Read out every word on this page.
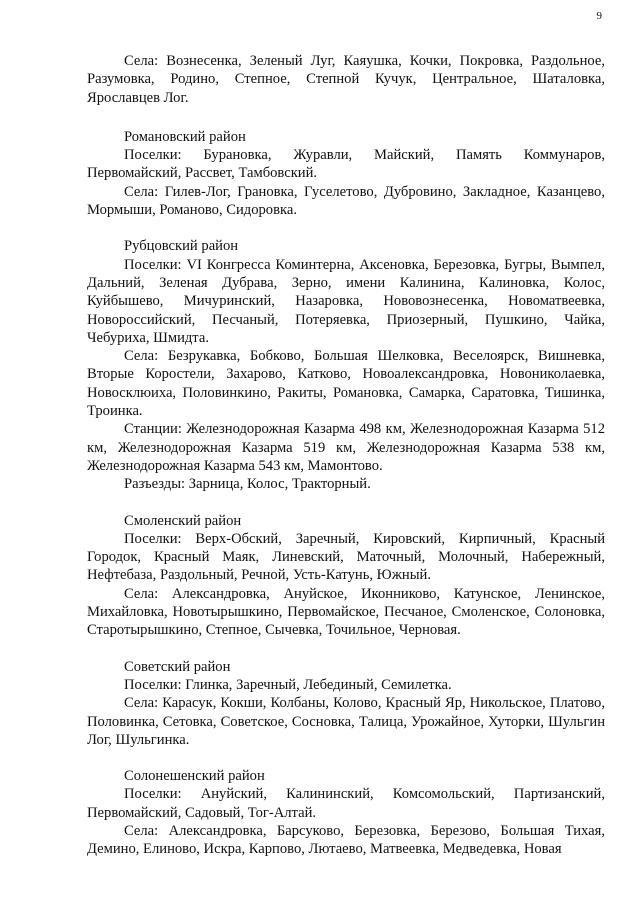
9

Села: Вознесенка, Зеленый Луг, Каяушка, Кочки, Покровка, Раздольное, Разумовка, Родино, Степное, Степной Кучук, Центральное, Шаталовка, Ярославцев Лог.

Романовский район

Поселки: Бурановка, Журавли, Майский, Память Коммунаров, Первомайский, Рассвет, Тамбовский.

Села: Гилев-Лог, Грановка, Гуселетово, Дубровино, Закладное, Казанцево, Мормыши, Романово, Сидоровка.

Рубцовский район

Поселки: VI Конгресса Коминтерна, Аксеновка, Березовка, Бугры, Вымпел, Дальний, Зеленая Дубрава, Зерно, имени Калинина, Калиновка, Колос, Куйбышево, Мичуринский, Назаровка, Нововознесенка, Новоматвеевка, Новороссийский, Песчаный, Потеряевка, Приозерный, Пушкино, Чайка, Чебуриха, Шмидта.

Села: Безрукавка, Бобково, Большая Шелковка, Веселоярск, Вишневка, Вторые Коростели, Захарово, Катково, Новоалександровка, Новониколаевка, Новосклюиха, Половинкино, Ракиты, Романовка, Самарка, Саратовка, Тишинка, Троинка.

Станции: Железнодорожная Казарма 498 км, Железнодорожная Казарма 512 км, Железнодорожная Казарма 519 км, Железнодорожная Казарма 538 км, Железнодорожная Казарма 543 км, Мамонтово.

Разъезды: Зарница, Колос, Тракторный.

Смоленский район

Поселки: Верх-Обский, Заречный, Кировский, Кирпичный, Красный Городок, Красный Маяк, Линевский, Маточный, Молочный, Набережный, Нефтебаза, Раздольный, Речной, Усть-Катунь, Южный.

Села: Александровка, Ануйское, Иконниково, Катунское, Ленинское, Михайловка, Новотырышкино, Первомайское, Песчаное, Смоленское, Солоновка, Старотырышкино, Степное, Сычевка, Точильное, Черновая.

Советский район

Поселки: Глинка, Заречный, Лебединый, Семилетка.

Села: Карасук, Кокши, Колбаны, Колово, Красный Яр, Никольское, Платово, Половинка, Сетовка, Советское, Сосновка, Талица, Урожайное, Хуторки, Шульгин Лог, Шульгинка.

Солонешенский район

Поселки: Ануйский, Калининский, Комсомольский, Партизанский, Первомайский, Садовый, Тог-Алтай.

Села: Александровка, Барсуково, Березовка, Березово, Большая Тихая, Демино, Елиново, Искра, Карпово, Лютаево, Матвеевка, Медведевка, Новая
